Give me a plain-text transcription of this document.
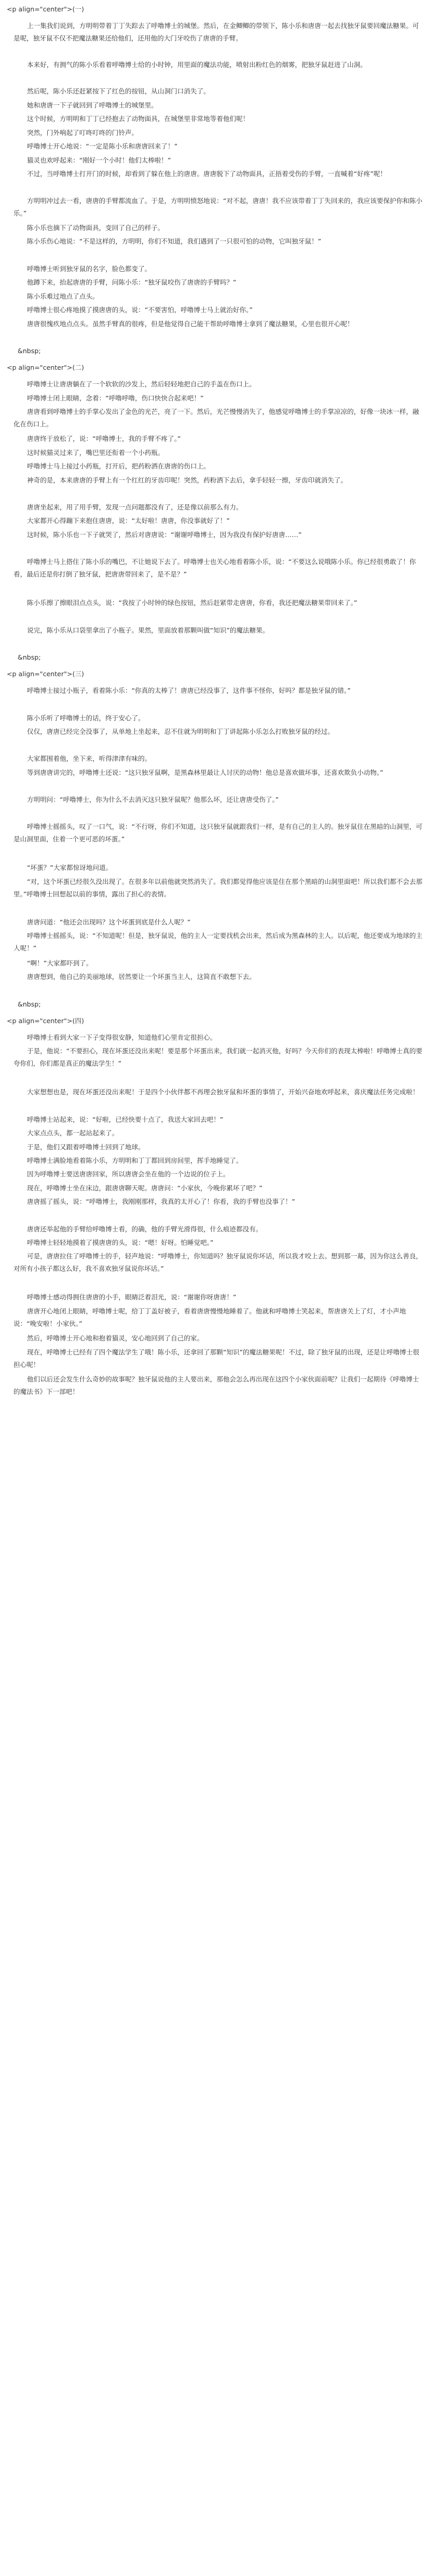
<p align="center">(一)

上一集我们说到，方明明带着丁丁失踪去了呼噜博士的城堡。然后，在金鲫鲫的带领下，陈小乐和唐唐一起去找独牙鼠要回魔法糖果。可是呢，独牙鼠不仅不把魔法糖果还给他们，还用他的大门牙咬伤了唐唐的手臂。

本来好，有拥气的陈小乐看着呼噜博士给的小时钟，用里面的魔法功能，喷射出粉红色的烟雾，把独牙鼠赶进了山洞。

然后呢，陈小乐还赶紧按下了红色的按钮，从山洞门口消失了。

她和唐唐一下子就回到了呼噜博士的城堡里。

这个时候，方明明和丁丁已经抱去了动物面具，在城堡里非常地等着他们呢！

突然，门外响起了叮咚叮咚的门铃声。

呼噜博士开心地说：“一定是陈小乐和唐唐回来了！”

猫灵也欢呼起来：“刚好一个小时！他们太棒啦！”

不过，当呼噜博士打开门的时候，却看到了躲在他上的唐唐。唐唐脱下了动物面具，正捂着受伤的手臂，一直喊着“好疼”呢！

方明明冲过去一看，唐唐的手臂都流血了。于是，方明明愤怒地说：“对不起，唐唐！我不应该带着丁丁失回来的，我应该要保护你和陈小乐。”

陈小乐也摘下了动物面具，变回了自己的样子。

陈小乐伤心地说：“不是这样的，方明明，你们不知道，我们遇到了一只很可怕的动物，它叫独牙鼠！”

呼噜博士听到独牙鼠的名字，脸色都变了。

他蹲下来，抬起唐唐的手臂，问陈小乐：“独牙鼠咬伤了唐唐的手臂吗？”

陈小乐难过地点了点头。

呼噜博士很心疼地摸了摸唐唐的头，说：“不要害怕，呼噜博士马上就治好你。”

唐唐很愧疚地点点头。虽然手臂真的很疼，但是他觉得自己能干帮助呼噜博士拿到了魔法糖果，心里也很开心呢！

&nbsp;

<p align="center">(二)

呼噜博士让唐唐躺在了一个软软的沙发上，然后轻轻地把自己的手盖在伤口上。

呼噜博士闭上眼睛，念着：“呼噜呼噜，伤口快快合起来吧！”

唐唐看到呼噜博士的手掌心发出了金色的光芒，亮了一下。然后，光芒慢慢消失了，他感觉呼噜博士的手掌凉凉的，好像一块冰一样，融化在伤口上。

唐唐终于放松了，说：“呼噜博士，我的手臂不疼了。”

这时候猫灵过来了，嘴巴里还衔着一个小药瓶。

呼噜博士马上接过小药瓶，打开后，把药粉洒在唐唐的伤口上。

神奇的是，本来唐唐的手臂上有一个红红的牙齿印呢！突然，药粉洒下去后，拿手轻轻一擦，牙齿印就消失了。

唐唐坐起来，用了用手臂，发现一点问题都没有了，还是像以前那么有力。

大家都开心得蹦下来抱住唐唐，说：“太好啦！唐唐，你没事就好了！”

这时候，陈小乐也一下子就哭了，然后对唐唐说：“谢谢呼噜博士，因为我没有保护好唐唐……”

呼噜博士马上搭住了陈小乐的嘴巴，不让她说下去了。呼噜博士也关心地看着陈小乐，说：“不要这么说哦陈小乐。你已经很勇敢了！你看，最后还是你打倒了独牙鼠，把唐唐带回来了，是不是？”

陈小乐擦了擦眼泪点点头，说：“我按了小时钟的绿色按钮，然后赶紧带走唐唐，你看，我还把魔法糖果带回来了。”

说完，陈小乐从口袋里拿出了小瓶子。果然，里面放着那颗叫做“知识”的魔法糖果。

&nbsp;

<p align="center">(三)

呼噜博士接过小瓶子，看着陈小乐：“你真的太棒了！唐唐已经没事了，这件事不怪你，好吗？都是独牙鼠的错。”

陈小乐听了呼噜博士的话，终于安心了。

仅仅，唐唐已经完全没事了，从单地上坐起来，忍不住就为明明和丁丁讲起陈小乐怎么打败独牙鼠的经过。

大家都围着他，坐下来，听得津津有味的。

等到唐唐讲完的，呼噜博士还说：“这只独牙鼠啊，是黑森林里最让人讨厌的动物！他总是喜欢做坏事，还喜欢欺负小动物。”

方明明问：“呼噜博士，你为什么不去消灭这只独牙鼠呢？他那么坏，还让唐唐受伤了。”

呼噜博士摇摇头，叹了一口气，说：“不行呀，你们不知道，这只独牙鼠就跟我们一样，是有自己的主人的。独牙鼠住在黑暗的山洞里，可是山洞里面，住着一个更可恶的坏蛋。”

“坏蛋？”大家都惊讶地问道。

“对，这个坏蛋已经很久没出现了。在很多年以前他就突然消失了。我们都觉得他应该是住在那个黑暗的山洞里面吧！所以我们都不会去那里。”呼噜博士回想起以前的事情，露出了担心的表情。

唐唐问道：“他还会出现吗？这个坏蛋到底是什么人呢？”

呼噜博士摇摇头，说：“不知道呢！但是，独牙鼠说，他的主人一定要找机会出来，然后成为黑森林的主人。以后呢，他还要成为地球的主人呢！”

“啊！”大家都吓到了。

唐唐想到，他自己的美丽地球，居然要让一个坏蛋当主人，这简直不敢想下去。

&nbsp;

<p align="center">(四)

呼噜博士看到大家一下子变得很安静，知道他们心里肯定很担心。

于是，他说：“不要担心，现在坏蛋还没出来呢！要是那个坏蛋出来，我们就一起消灭他，好吗？今天你们的表现太棒啦！呼噜博士真的要夸你们，你们都是真正的魔法学生！”

大家想想也是，现在坏蛋还没出来呢！于是四个小伙伴都不再理会独牙鼠和坏蛋的事情了，开始兴奋地欢呼起来，喜庆魔法任务完成啦！

呼噜博士站起来，说：“好啦，已经快要十点了，我送大家回去吧！”

大家点点头，都一起站起来了。

于是，他们又跟着呼噜博士回到了地球。

呼噜博士满脸地看着陈小乐，方明明和丁丁都回到房间里，挥手地睡觉了。

因为呼噜博士要送唐唐回家，所以唐唐会坐在他的一个边说的位子上。

现在，呼噜博士坐在床边，跟唐唐聊天呢。唐唐问：“小家伙，今晚你累坏了吧？”

唐唐摇了摇头，说：“呼噜博士，我刚刚那样，我真的太开心了！你看，我的手臂也没事了！”

唐唐还举起他的手臂给呼噜博士看，的确，他的手臂光滑得很，什么痕迹都没有。

呼噜博士轻轻地摸着了摸唐唐的头，说：“嗯！好呀。怕睡觉吧。”

可是，唐唐拉住了呼噜博士的手，轻声地说：“呼噜博士，你知道吗？独牙鼠说你坏话，所以我才咬上去。想到那一幕，因为你这么善良，对所有小孩子都这么好，我不喜欢独牙鼠说你坏话。”

呼噜博士感动得拥住唐唐的小手，眼睛泛着泪光，说：“谢谢你呀唐唐！”

唐唐开心地闭上眼睛，呼噜博士呢，给丁丁盖好被子，看着唐唐慢慢地睡着了。他就和呼噜博士笑起来，帮唐唐关上了灯，才小声地说：“晚安啦！小家伙。”

然后，呼噜博士开心地和抱着猫灵，安心地回到了自己的家。

现在，呼噜博士已经有了四个魔法学生了哦！陈小乐，还拿回了那颗“知识”的魔法糖果呢！不过，除了独牙鼠的出现，还是让呼噜博士很担心呢！

他们以后还会发生什么奇妙的故事呢？独牙鼠说他的主人要出来，那他会怎么再出现在这四个小家伙面前呢？让我们一起期待《呼噜博士的魔法书》下一部吧！
